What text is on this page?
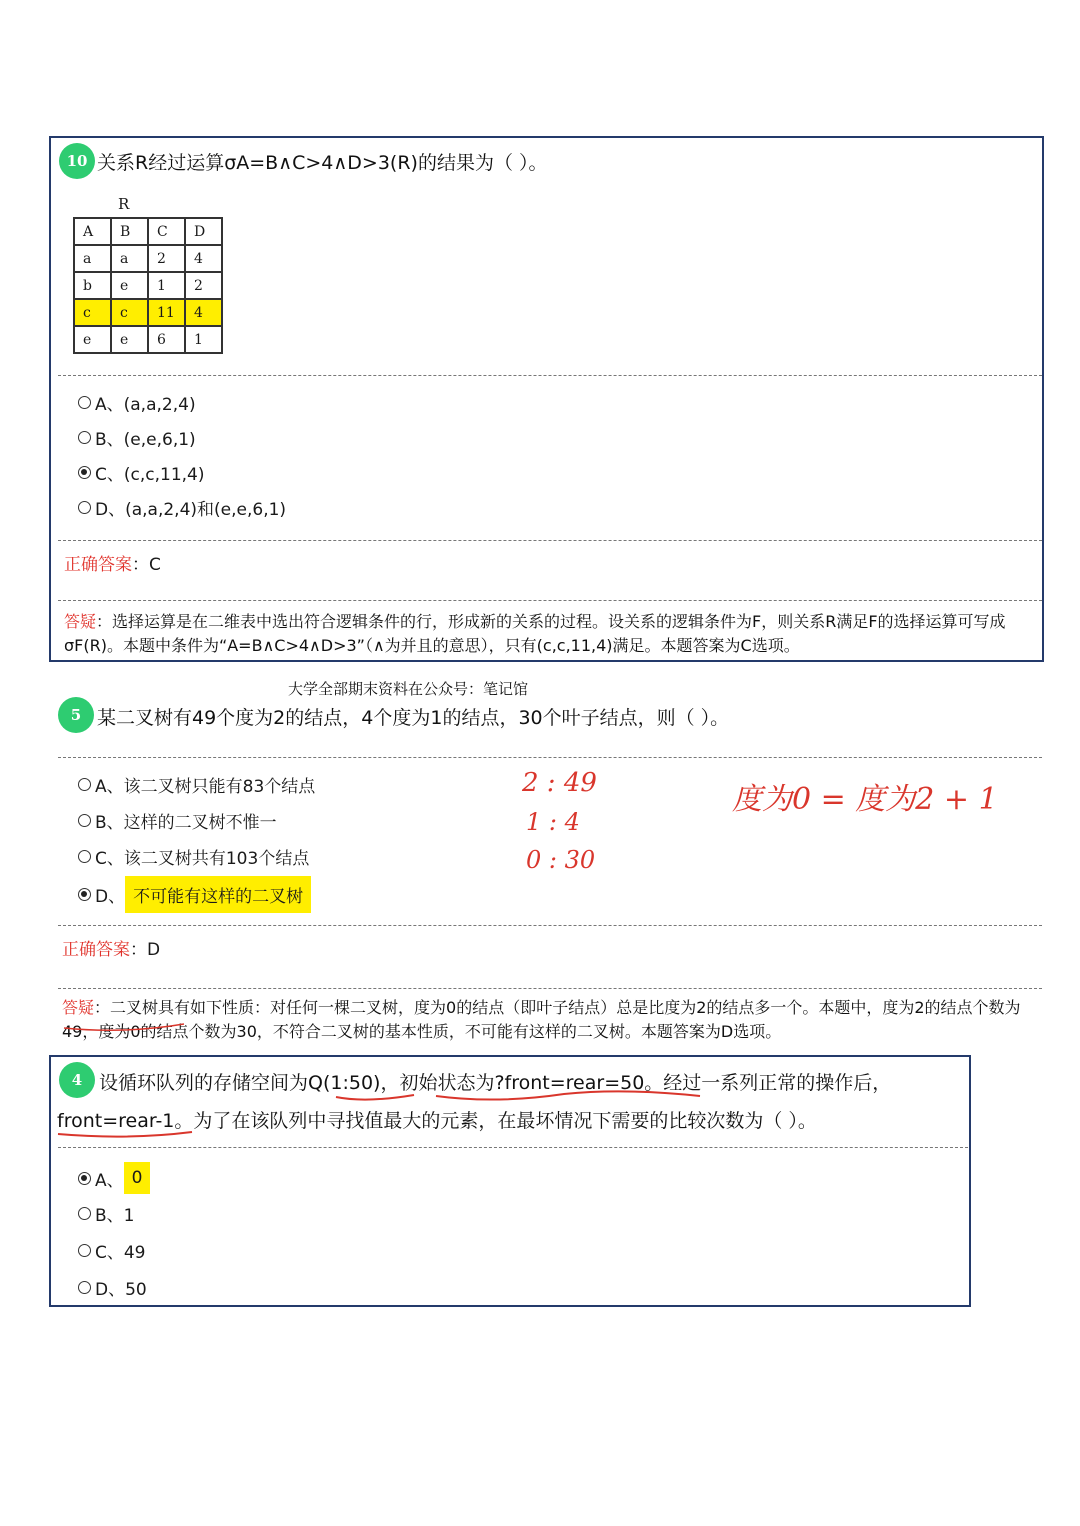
10 关系R经过运算σA=B∧C>4∧D>3(R)的结果为（ ）。
R
A	B	C	D
a	a	2	4
b	e	1	2
c	c	11	4
e	e	6	1
A、(a,a,2,4)
B、(e,e,6,1)
C、(c,c,11,4)
D、(a,a,2,4)和(e,e,6,1)
正确答案：C
答疑：选择运算是在二维表中选出符合逻辑条件的行，形成新的关系的过程。设关系的逻辑条件为F，则关系R满足F的选择运算可写成σF(R)。本题中条件为“A=B∧C>4∧D>3”（∧为并且的意思），只有(c,c,11,4)满足。本题答案为C选项。
大学全部期末资料在公众号：笔记馆
5 某二叉树有49个度为2的结点，4个度为1的结点，30个叶子结点，则（ ）。
A、该二叉树只能有83个结点
B、这样的二叉树不惟一
C、该二叉树共有103个结点
D、 不可能有这样的二叉树
2 : 49
1 : 4
0 : 30
度为0 = 度为2 + 1
正确答案：D
答疑：二叉树具有如下性质：对任何一棵二叉树，度为0的结点（即叶子结点）总是比度为2的结点多一个。本题中，度为2的结点个数为49，度为0的结点个数为30，不符合二叉树的基本性质，不可能有这样的二叉树。本题答案为D选项。
4 设循环队列的存储空间为Q(1:50)，初始状态为?front=rear=50。经过一系列正常的操作后，
front=rear-1。为了在该队列中寻找值最大的元素，在最坏情况下需要的比较次数为（ ）。
A、 0
B、1
C、49
D、50
